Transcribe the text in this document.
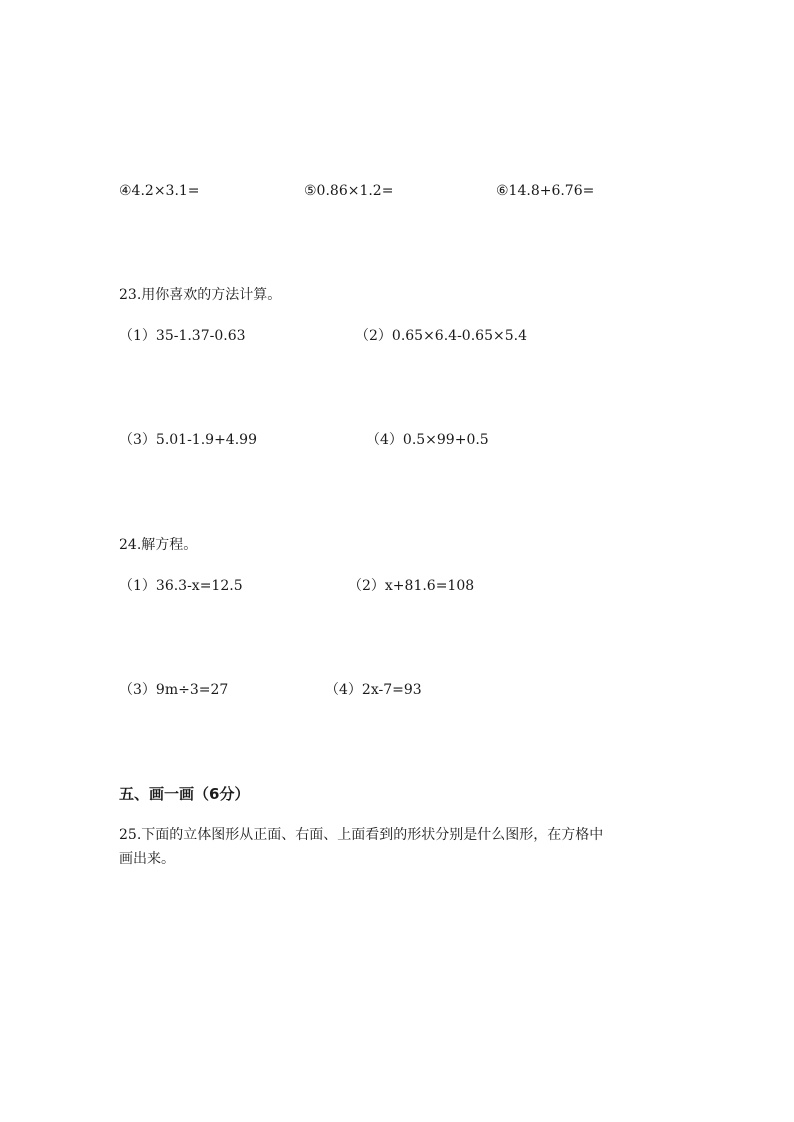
④4.2×3.1=	⑤0.86×1.2=	⑥14.8+6.76=
23.用你喜欢的方法计算。
（1）35-1.37-0.63	（2）0.65×6.4-0.65×5.4
（3）5.01-1.9+4.99	（4）0.5×99+0.5
24.解方程。
（1）36.3-x=12.5	（2）x+81.6=108
（3）9m÷3=27	（4）2x-7=93
五、画一画（6分）
25.下面的立体图形从正面、右面、上面看到的形状分别是什么图形，在方格中
画出来。
